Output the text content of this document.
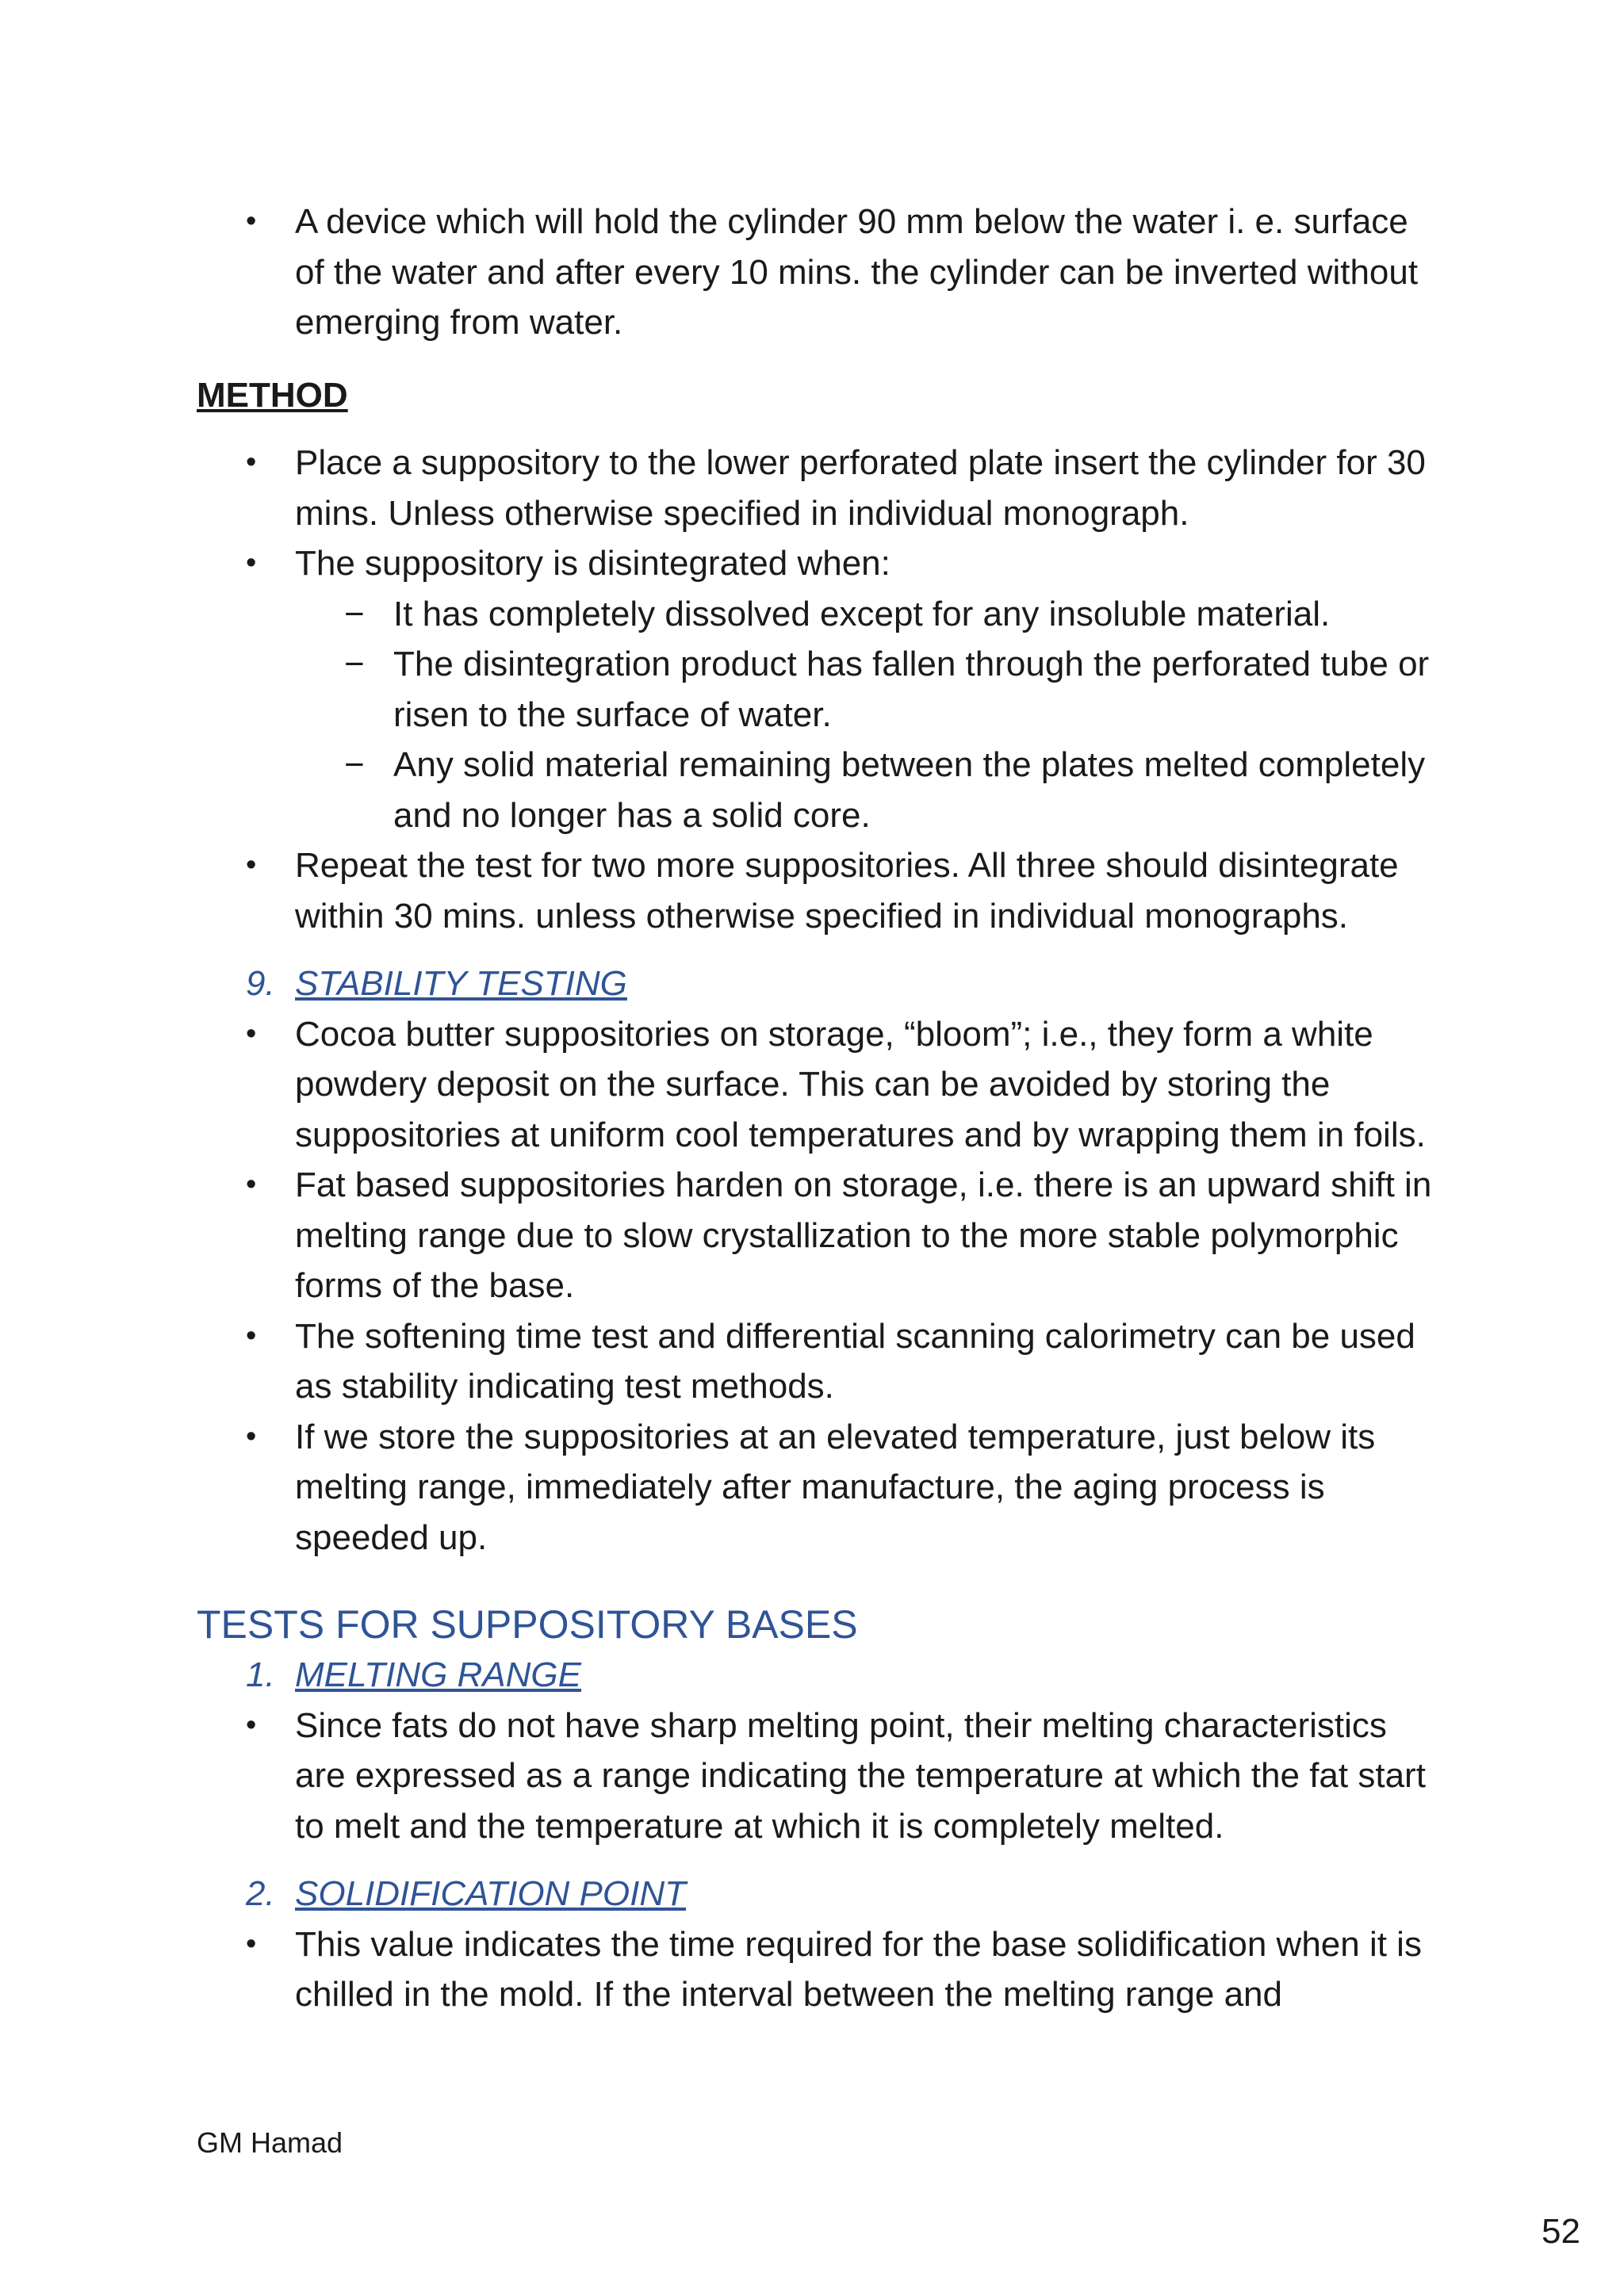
•	A device which will hold the cylinder 90 mm below the water i. e. surface of the water and after every 10 mins. the cylinder can be inverted without emerging from water.
METHOD
•	Place a suppository to the lower perforated plate insert the cylinder for 30 mins. Unless otherwise specified in individual monograph.
•	The suppository is disintegrated when:
− It has completely dissolved except for any insoluble material.
− The disintegration product has fallen through the perforated tube or risen to the surface of water.
− Any solid material remaining between the plates melted completely and no longer has a solid core.
•	Repeat the test for two more suppositories. All three should disintegrate within 30 mins. unless otherwise specified in individual monographs.
9. STABILITY TESTING
•	Cocoa butter suppositories on storage, “bloom”; i.e., they form a white powdery deposit on the surface. This can be avoided by storing the suppositories at uniform cool temperatures and by wrapping them in foils.
•	Fat based suppositories harden on storage, i.e. there is an upward shift in melting range due to slow crystallization to the more stable polymorphic forms of the base.
•	The softening time test and differential scanning calorimetry can be used as stability indicating test methods.
•	If we store the suppositories at an elevated temperature, just below its melting range, immediately after manufacture, the aging process is speeded up.
TESTS FOR SUPPOSITORY BASES
1. MELTING RANGE
•	Since fats do not have sharp melting point, their melting characteristics are expressed as a range indicating the temperature at which the fat start to melt and the temperature at which it is completely melted.
2. SOLIDIFICATION POINT
•	This value indicates the time required for the base solidification when it is chilled in the mold. If the interval between the melting range and
GM Hamad
52
